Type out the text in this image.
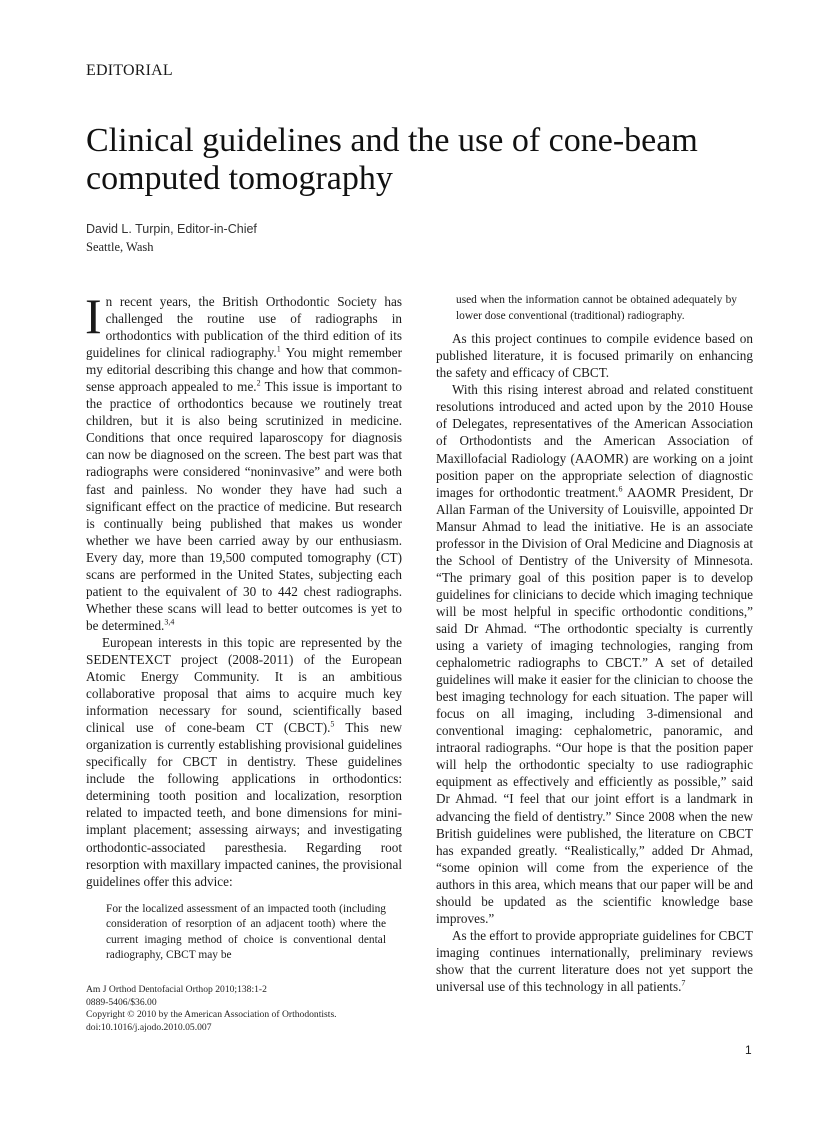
EDITORIAL
Clinical guidelines and the use of cone-beam computed tomography
David L. Turpin, Editor-in-Chief
Seattle, Wash

In recent years, the British Orthodontic Society has challenged the routine use of radiographs in orthodontics with publication of the third edition of its guidelines for clinical radiography.$^1$ You might remember my editorial describing this change and how that common-sense approach appealed to me.$^2$ This issue is important to the practice of orthodontics because we routinely treat children, but it is also being scrutinized in medicine. Conditions that once required laparoscopy for diagnosis can now be diagnosed on the screen. The best part was that radiographs were considered “noninvasive” and were both fast and painless. No wonder they have had such a significant effect on the practice of medicine. But research is continually being published that makes us wonder whether we have been carried away by our enthusiasm. Every day, more than 19,500 computed tomography (CT) scans are performed in the United States, subjecting each patient to the equivalent of 30 to 442 chest radiographs. Whether these scans will lead to better outcomes is yet to be determined.$^{3,4}$

European interests in this topic are represented by the SEDENTEXCT project (2008-2011) of the European Atomic Energy Community. It is an ambitious collaborative proposal that aims to acquire much key information necessary for sound, scientifically based clinical use of cone-beam CT (CBCT).$^5$ This new organization is currently establishing provisional guidelines specifically for CBCT in dentistry. These guidelines include the following applications in orthodontics: determining tooth position and localization, resorption related to impacted teeth, and bone dimensions for mini-implant placement; assessing airways; and investigating orthodontic-associated paresthesia. Regarding root resorption with maxillary impacted canines, the provisional guidelines offer this advice:

For the localized assessment of an impacted tooth (including consideration of resorption of an adjacent tooth) where the current imaging method of choice is conventional dental radiography, CBCT may be

used when the information cannot be obtained adequately by lower dose conventional (traditional) radiography.

As this project continues to compile evidence based on published literature, it is focused primarily on enhancing the safety and efficacy of CBCT.

With this rising interest abroad and related constituent resolutions introduced and acted upon by the 2010 House of Delegates, representatives of the American Association of Orthodontists and the American Association of Maxillofacial Radiology (AAOMR) are working on a joint position paper on the appropriate selection of diagnostic images for orthodontic treatment.$^6$ AAOMR President, Dr Allan Farman of the University of Louisville, appointed Dr Mansur Ahmad to lead the initiative. He is an associate professor in the Division of Oral Medicine and Diagnosis at the School of Dentistry of the University of Minnesota. “The primary goal of this position paper is to develop guidelines for clinicians to decide which imaging technique will be most helpful in specific orthodontic conditions,” said Dr Ahmad. “The orthodontic specialty is currently using a variety of imaging technologies, ranging from cephalometric radiographs to CBCT.” A set of detailed guidelines will make it easier for the clinician to choose the best imaging technology for each situation. The paper will focus on all imaging, including 3-dimensional and conventional imaging: cephalometric, panoramic, and intraoral radiographs. “Our hope is that the position paper will help the orthodontic specialty to use radiographic equipment as effectively and efficiently as possible,” said Dr Ahmad. “I feel that our joint effort is a landmark in advancing the field of dentistry.” Since 2008 when the new British guidelines were published, the literature on CBCT has expanded greatly. “Realistically,” added Dr Ahmad, “some opinion will come from the experience of the authors in this area, which means that our paper will be and should be updated as the scientific knowledge base improves.”

As the effort to provide appropriate guidelines for CBCT imaging continues internationally, preliminary reviews show that the current literature does not yet support the universal use of this technology in all patients.$^7$

Am J Orthod Dentofacial Orthop 2010;138:1-2
0889-5406/$36.00
Copyright © 2010 by the American Association of Orthodontists.
doi:10.1016/j.ajodo.2010.05.007
1
